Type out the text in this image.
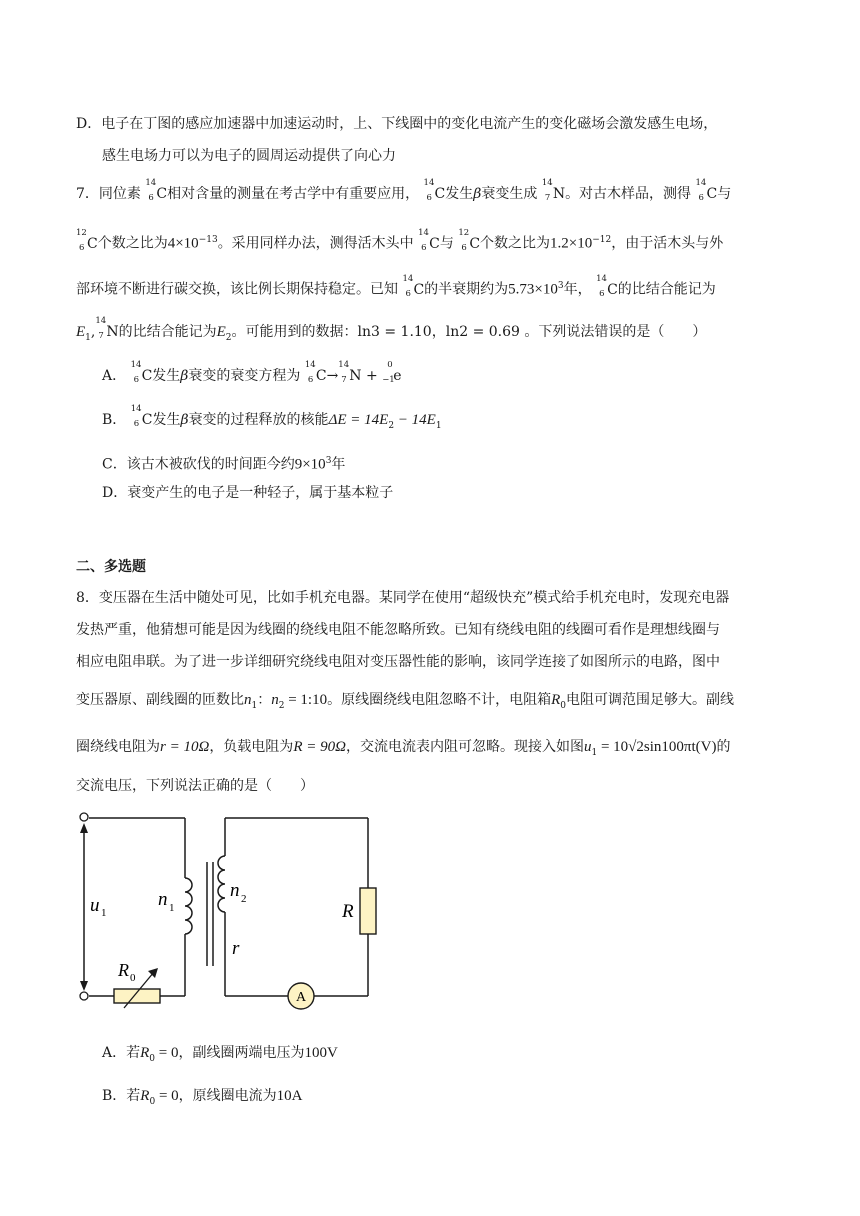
D．电子在丁图的感应加速器中加速运动时，上、下线圈中的变化电流产生的变化磁场会激发感生电场，
感生电场力可以为电子的圆周运动提供了向心力
7．同位素
14
6 C相对含量的测量在考古学中有重要应用，
14
6 C发生β衰变生成
14
7 N。对古木样品，测得
14
6 C与
12
6 C个数之比为$4\times 10^{-13}$。采用同样办法，测得活木头中
14
6 C与
12
6 C个数之比为$1.2\times 10^{-12}$，由于活木头与外
部环境不断进行碳交换，该比例长期保持稳定。已知
14
6 C的半衰期约为$5.73\times 10^3$年，
14
6 C的比结合能记为
$E_1$,
14
7 N的比结合能记为$E_2$。可能用到的数据：ln3 = 1.10，ln2 = 0.69 。下列说法错误的是（　　）
A．
14
6 C发生β衰变的衰变方程为
14
6 C→
14
7 N +
0
−1
e
B．
14
6 C发生β衰变的过程释放的核能$\Delta E = 14E_2 - 14E_1$
C．该古木被砍伐的时间距今约$9\times 10^3$年
D．衰变产生的电子是一种轻子，属于基本粒子
二、多选题
8．变压器在生活中随处可见，比如手机充电器。某同学在使用“超级快充”模式给手机充电时，发现充电器
发热严重，他猜想可能是因为线圈的绕线电阻不能忽略所致。已知有绕线电阻的线圈可看作是理想线圈与
相应电阻串联。为了进一步详细研究绕线电阻对变压器性能的影响，该同学连接了如图所示的电路，图中
变压器原、副线圈的匝数比$n_1$：$n_2$ = 1:10。原线圈绕线电阻忽略不计，电阻箱$R_0$电阻可调范围足够大。副线
圈绕线电阻为r = 10Ω，负载电阻为R = 90Ω，交流电流表内阻可忽略。现接入如图$u_1 = 10√2\sin 100\pi t(V)$的
交流电压，下列说法正确的是（　　）
A
u 1
n 1
n 2
r
R
R 0
A．若$R_0 = 0$，副线圈两端电压为100V
B．若$R_0 = 0$，原线圈电流为10A
